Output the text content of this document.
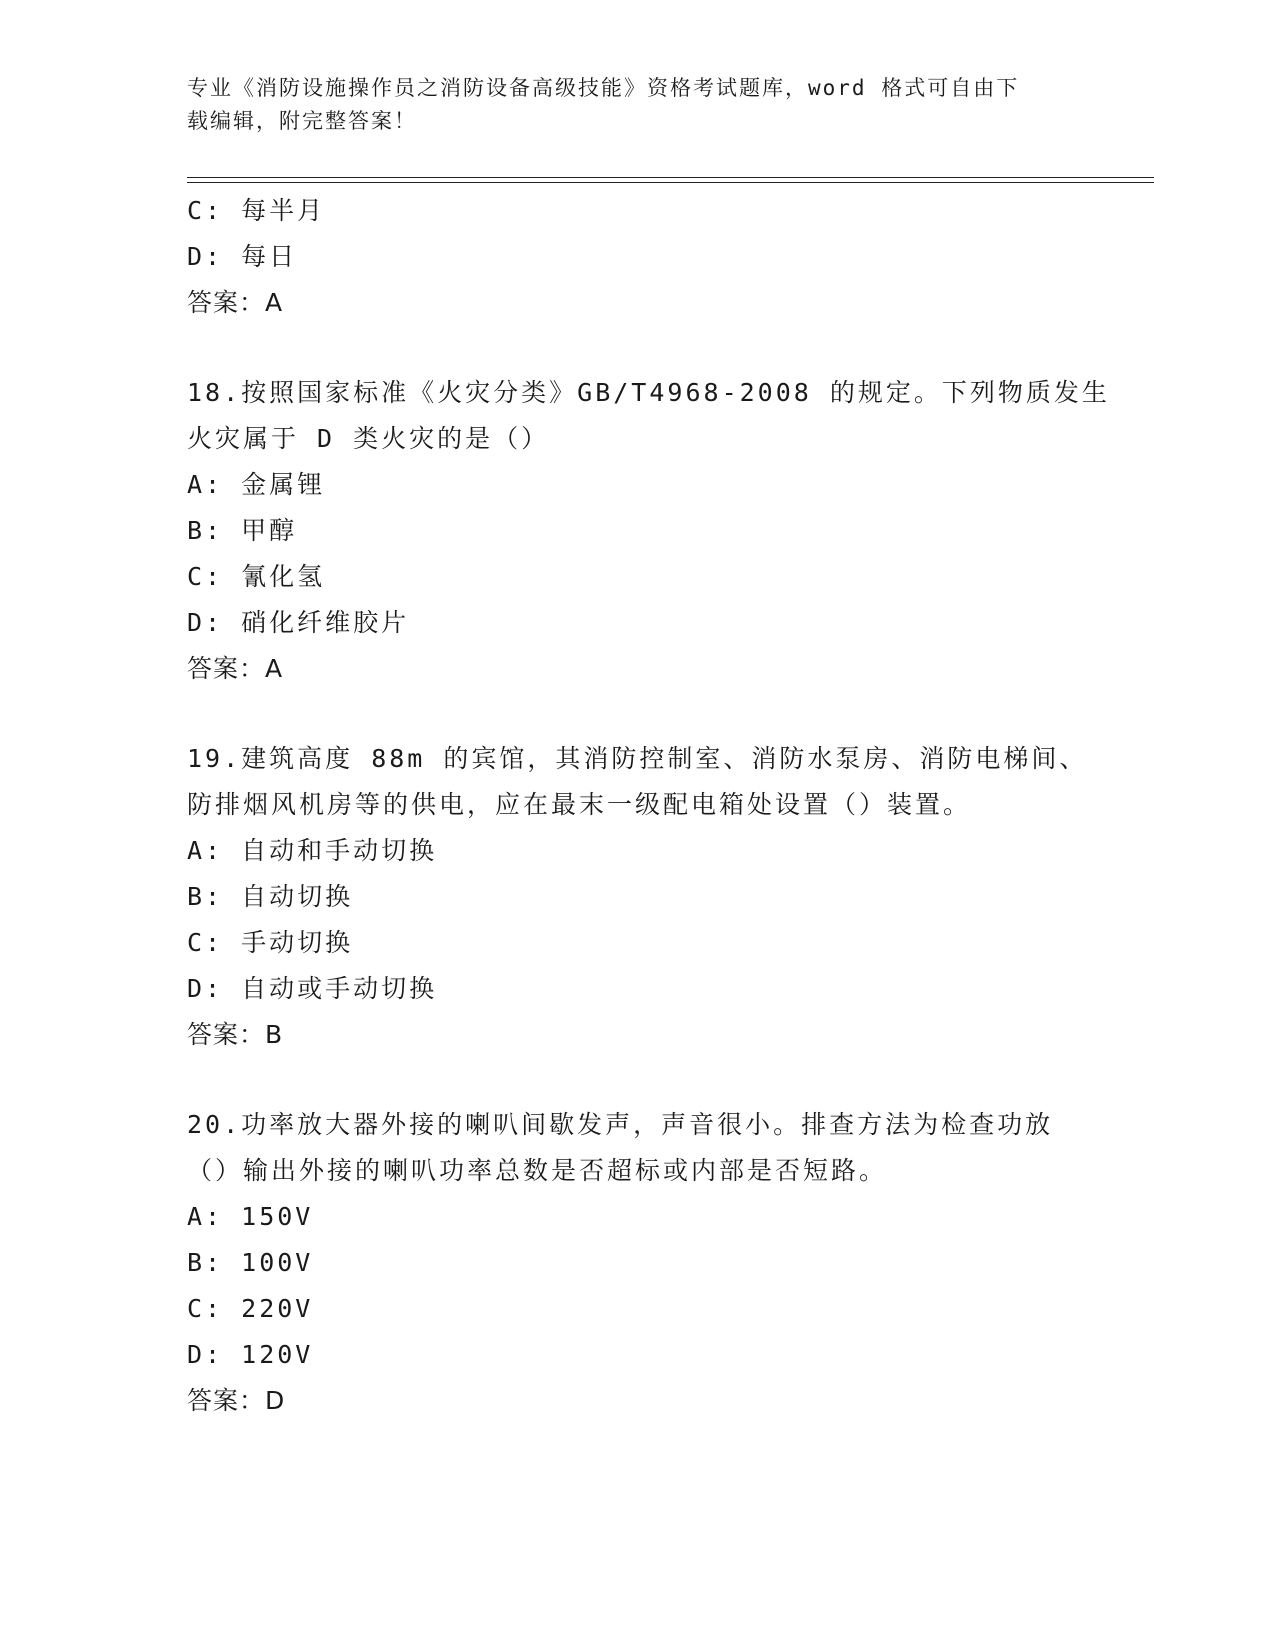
专业《消防设施操作员之消防设备高级技能》资格考试题库，word 格式可自由下
载编辑，附完整答案！
C: 每半月
D: 每日
答案：A
18.按照国家标准《火灾分类》GB/T4968-2008 的规定。下列物质发生
火灾属于 D 类火灾的是（）
A: 金属锂
B: 甲醇
C: 氰化氢
D: 硝化纤维胶片
答案：A
19.建筑高度 88m 的宾馆，其消防控制室、消防水泵房、消防电梯间、
防排烟风机房等的供电，应在最末一级配电箱处设置（）装置。
A: 自动和手动切换
B: 自动切换
C: 手动切换
D: 自动或手动切换
答案：B
20.功率放大器外接的喇叭间歇发声，声音很小。排查方法为检查功放
（）输出外接的喇叭功率总数是否超标或内部是否短路。
A: 150V
B: 100V
C: 220V
D: 120V
答案：D
